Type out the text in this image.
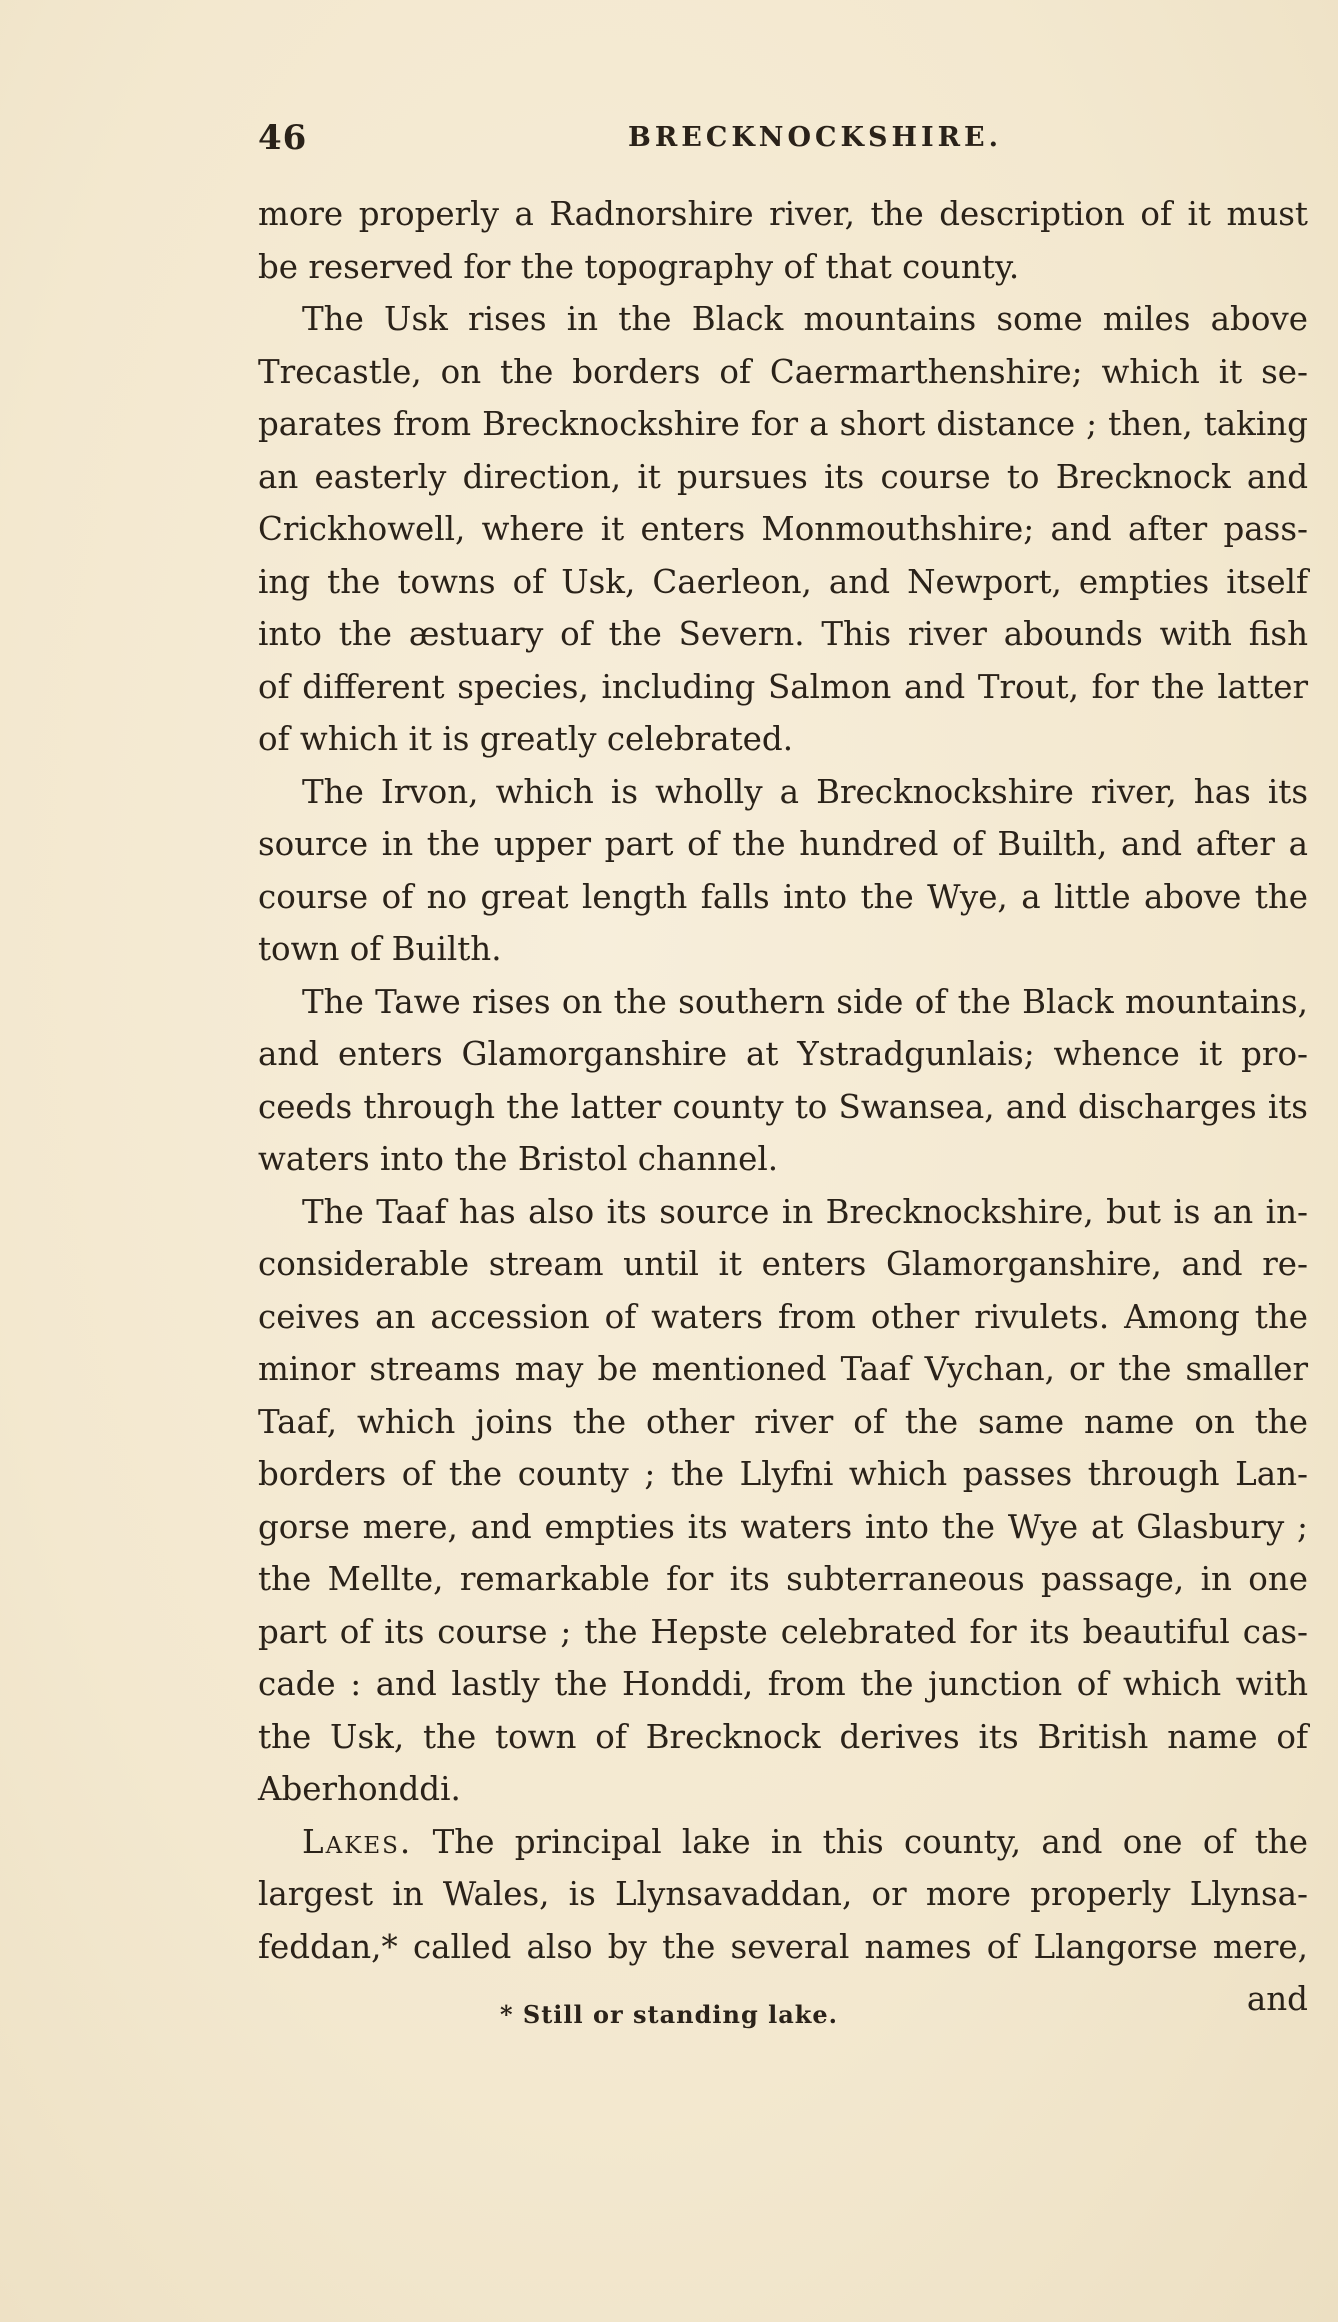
46	BRECKNOCKSHIRE.
more properly a Radnorshire river, the description of it must
be reserved for the topography of that county.
The Usk rises in the Black mountains some miles above
Trecastle, on the borders of Caermarthenshire; which it se-
parates from Brecknockshire for a short distance ; then, taking
an easterly direction, it pursues its course to Brecknock and
Crickhowell, where it enters Monmouthshire; and after pass-
ing the towns of Usk, Caerleon, and Newport, empties itself
into the æstuary of the Severn. This river abounds with fish
of different species, including Salmon and Trout, for the latter
of which it is greatly celebrated.
The Irvon, which is wholly a Brecknockshire river, has its
source in the upper part of the hundred of Builth, and after a
course of no great length falls into the Wye, a little above the
town of Builth.
The Tawe rises on the southern side of the Black mountains,
and enters Glamorganshire at Ystradgunlais; whence it pro-
ceeds through the latter county to Swansea, and discharges its
waters into the Bristol channel.
The Taaf has also its source in Brecknockshire, but is an in-
considerable stream until it enters Glamorganshire, and re-
ceives an accession of waters from other rivulets. Among the
minor streams may be mentioned Taaf Vychan, or the smaller
Taaf, which joins the other river of the same name on the
borders of the county ; the Llyfni which passes through Lan-
gorse mere, and empties its waters into the Wye at Glasbury ;
the Mellte, remarkable for its subterraneous passage, in one
part of its course ; the Hepste celebrated for its beautiful cas-
cade : and lastly the Honddi, from the junction of which with
the Usk, the town of Brecknock derives its British name of
Aberhonddi.
Lakes. The principal lake in this county, and one of the
largest in Wales, is Llynsavaddan, or more properly Llynsa-
feddan,* called also by the several names of Llangorse mere,
and
* Still or standing lake.
